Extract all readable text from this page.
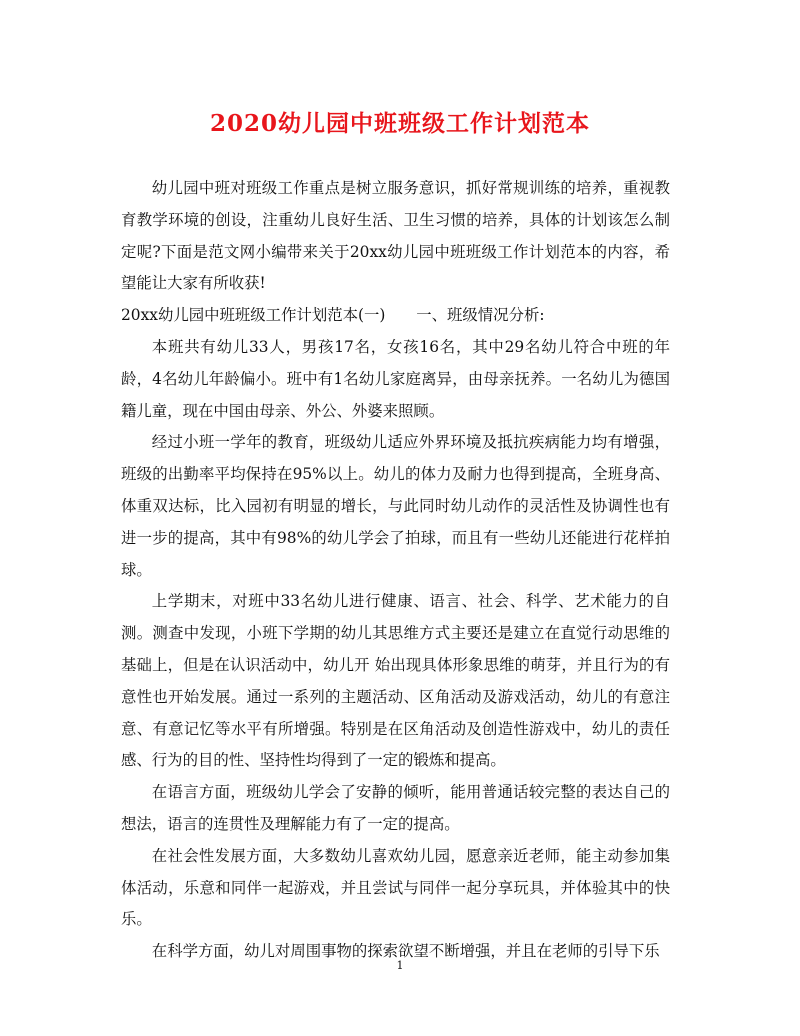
2020幼儿园中班班级工作计划范本

幼儿园中班对班级工作重点是树立服务意识，抓好常规训练的培养，重视教育教学环境的创设，注重幼儿良好生活、卫生习惯的培养，具体的计划该怎么制定呢?下面是范文网小编带来关于20xx幼儿园中班班级工作计划范本的内容，希望能让大家有所收获!

20xx幼儿园中班班级工作计划范本(一) 一、班级情况分析:

本班共有幼儿33人，男孩17名，女孩16名，其中29名幼儿符合中班的年龄，4名幼儿年龄偏小。班中有1名幼儿家庭离异，由母亲抚养。一名幼儿为德国籍儿童，现在中国由母亲、外公、外婆来照顾。

经过小班一学年的教育，班级幼儿适应外界环境及抵抗疾病能力均有增强，班级的出勤率平均保持在95%以上。幼儿的体力及耐力也得到提高，全班身高、体重双达标，比入园初有明显的增长，与此同时幼儿动作的灵活性及协调性也有进一步的提高，其中有98%的幼儿学会了拍球，而且有一些幼儿还能进行花样拍球。

上学期末，对班中33名幼儿进行健康、语言、社会、科学、艺术能力的自测。测查中发现，小班下学期的幼儿其思维方式主要还是建立在直觉行动思维的基础上，但是在认识活动中，幼儿开 始出现具体形象思维的萌芽，并且行为的有意性也开始发展。通过一系列的主题活动、区角活动及游戏活动，幼儿的有意注意、有意记忆等水平有所增强。特别是在区角活动及创造性游戏中，幼儿的责任感、行为的目的性、坚持性均得到了一定的锻炼和提高。

在语言方面，班级幼儿学会了安静的倾听，能用普通话较完整的表达自己的想法，语言的连贯性及理解能力有了一定的提高。

在社会性发展方面，大多数幼儿喜欢幼儿园，愿意亲近老师，能主动参加集体活动，乐意和同伴一起游戏，并且尝试与同伴一起分享玩具，并体验其中的快乐。

在科学方面，幼儿对周围事物的探索欲望不断增强，并且在老师的引导下乐

1
